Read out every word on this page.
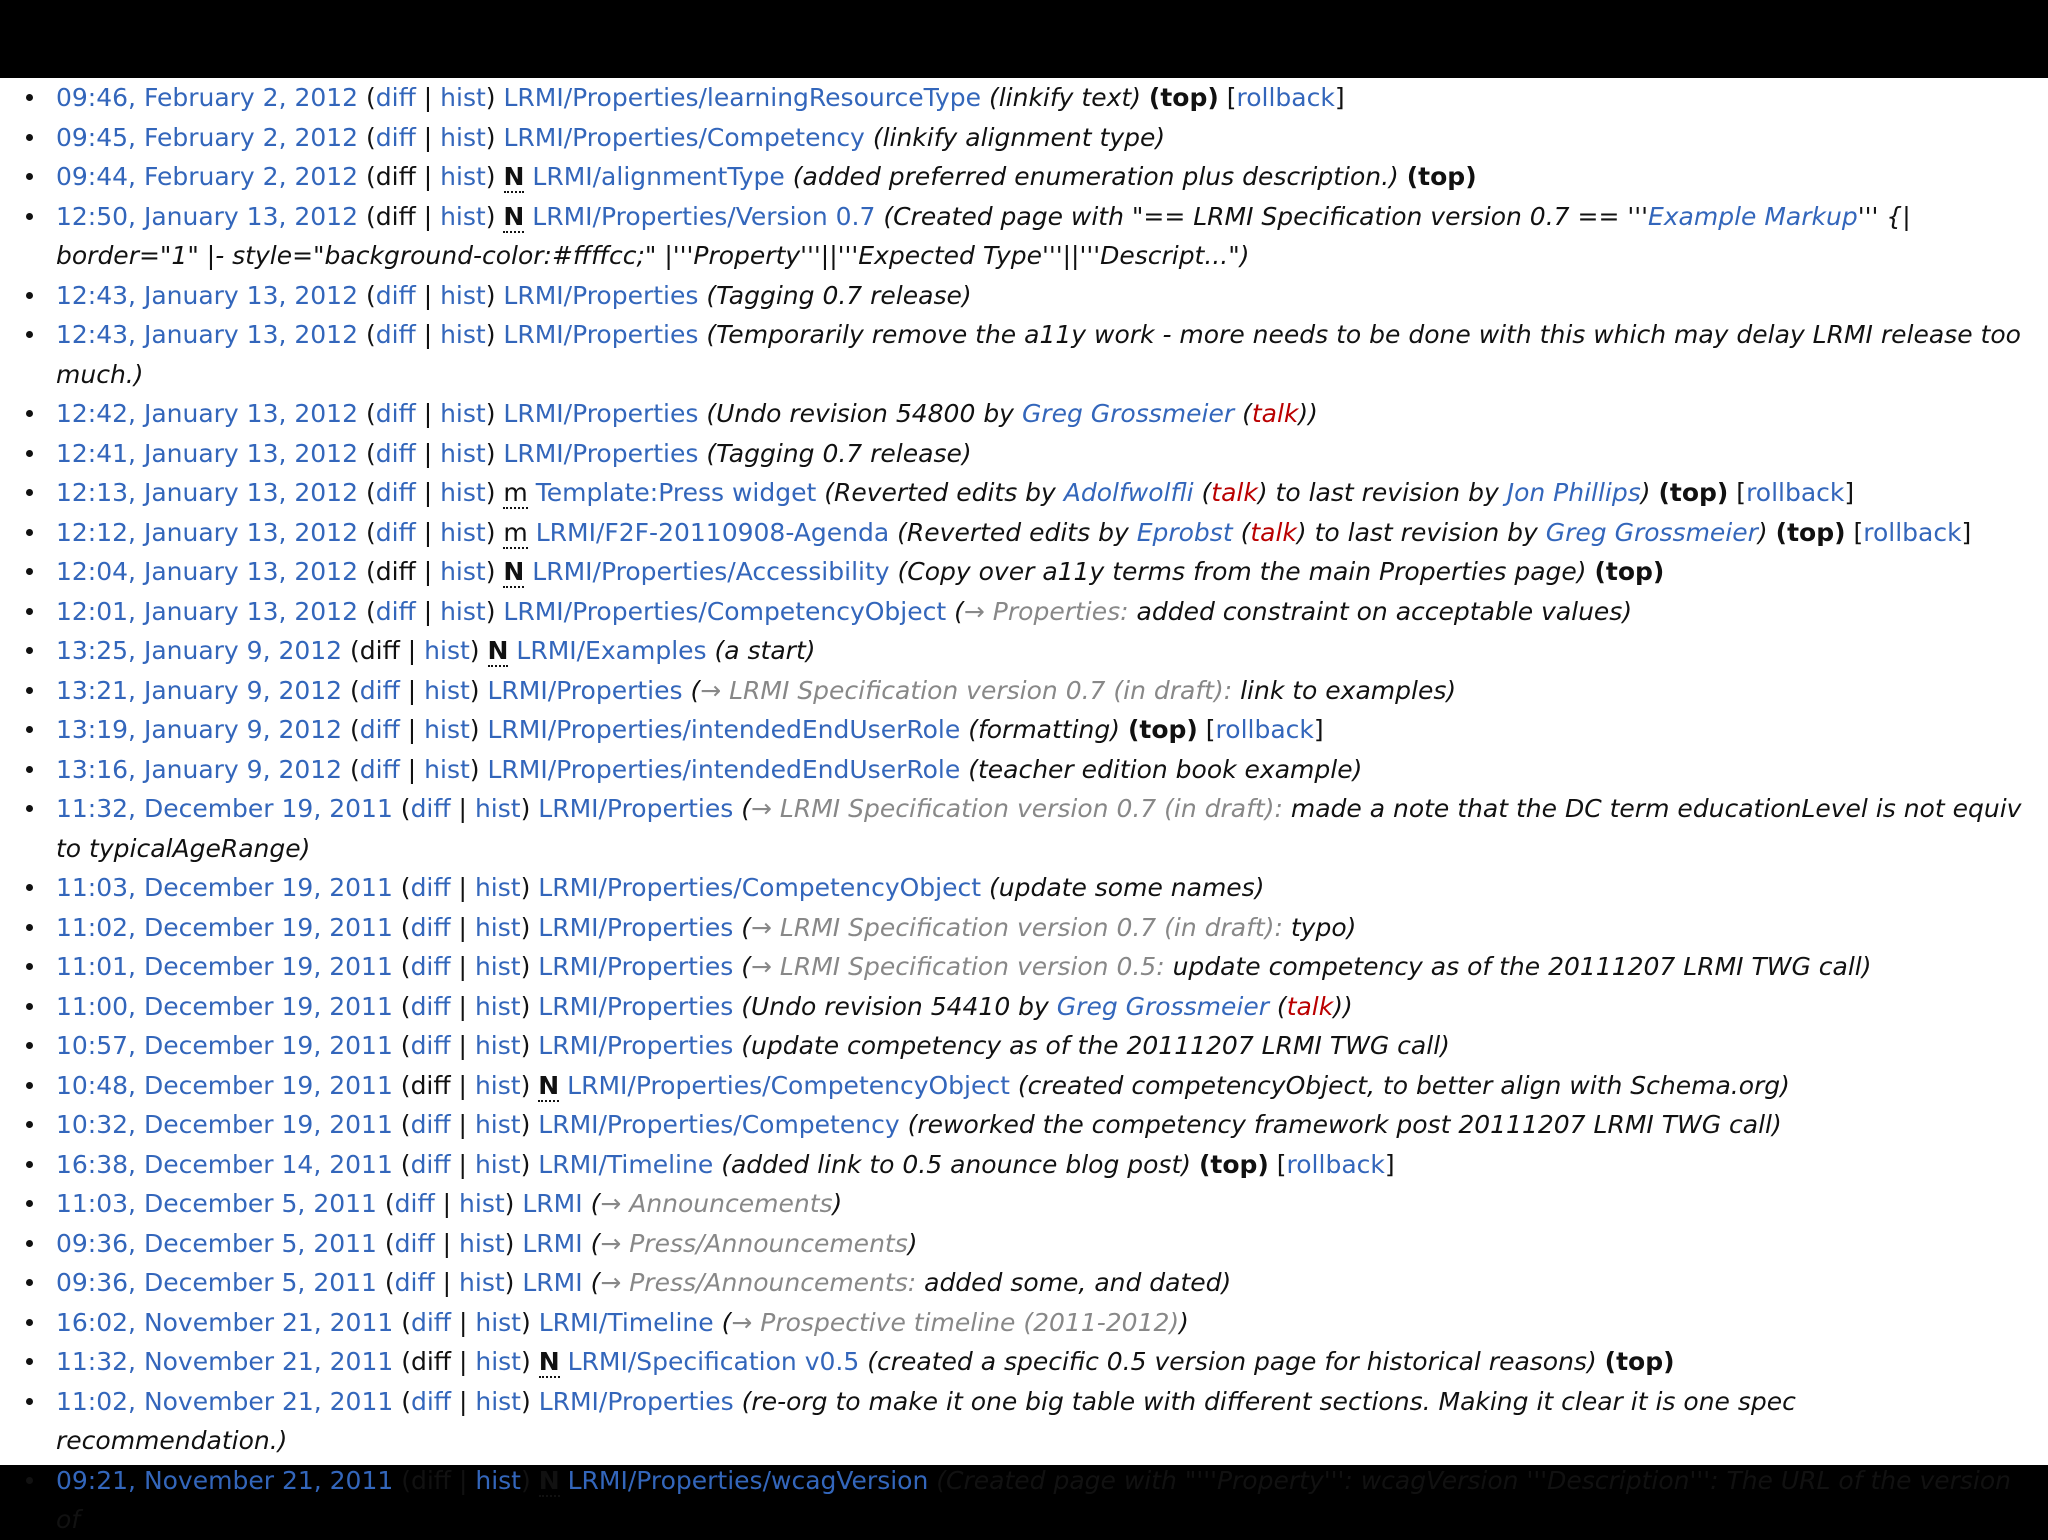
09:46, February 2, 2012 (diff | hist) LRMI/Properties/learningResourceType (linkify text) (top) [rollback]
09:45, February 2, 2012 (diff | hist) LRMI/Properties/Competency (linkify alignment type)
09:44, February 2, 2012 (diff | hist) N LRMI/alignmentType (added preferred enumeration plus description.) (top)
12:50, January 13, 2012 (diff | hist) N LRMI/Properties/Version 0.7 (Created page with "== LRMI Specification version 0.7 == '''Example Markup''' {| border="1" |- style="background-color:#ffffcc;" |'''Property'''||'''Expected Type'''||'''Descript...")
12:43, January 13, 2012 (diff | hist) LRMI/Properties (Tagging 0.7 release)
12:43, January 13, 2012 (diff | hist) LRMI/Properties (Temporarily remove the a11y work - more needs to be done with this which may delay LRMI release too much.)
12:42, January 13, 2012 (diff | hist) LRMI/Properties (Undo revision 54800 by Greg Grossmeier (talk))
12:41, January 13, 2012 (diff | hist) LRMI/Properties (Tagging 0.7 release)
12:13, January 13, 2012 (diff | hist) m Template:Press widget (Reverted edits by Adolfwolfli (talk) to last revision by Jon Phillips) (top) [rollback]
12:12, January 13, 2012 (diff | hist) m LRMI/F2F-20110908-Agenda (Reverted edits by Eprobst (talk) to last revision by Greg Grossmeier) (top) [rollback]
12:04, January 13, 2012 (diff | hist) N LRMI/Properties/Accessibility (Copy over a11y terms from the main Properties page) (top)
12:01, January 13, 2012 (diff | hist) LRMI/Properties/CompetencyObject (→ Properties: added constraint on acceptable values)
13:25, January 9, 2012 (diff | hist) N LRMI/Examples (a start)
13:21, January 9, 2012 (diff | hist) LRMI/Properties (→ LRMI Specification version 0.7 (in draft): link to examples)
13:19, January 9, 2012 (diff | hist) LRMI/Properties/intendedEndUserRole (formatting) (top) [rollback]
13:16, January 9, 2012 (diff | hist) LRMI/Properties/intendedEndUserRole (teacher edition book example)
11:32, December 19, 2011 (diff | hist) LRMI/Properties (→ LRMI Specification version 0.7 (in draft): made a note that the DC term educationLevel is not equiv to typicalAgeRange)
11:03, December 19, 2011 (diff | hist) LRMI/Properties/CompetencyObject (update some names)
11:02, December 19, 2011 (diff | hist) LRMI/Properties (→ LRMI Specification version 0.7 (in draft): typo)
11:01, December 19, 2011 (diff | hist) LRMI/Properties (→ LRMI Specification version 0.5: update competency as of the 20111207 LRMI TWG call)
11:00, December 19, 2011 (diff | hist) LRMI/Properties (Undo revision 54410 by Greg Grossmeier (talk))
10:57, December 19, 2011 (diff | hist) LRMI/Properties (update competency as of the 20111207 LRMI TWG call)
10:48, December 19, 2011 (diff | hist) N LRMI/Properties/CompetencyObject (created competencyObject, to better align with Schema.org)
10:32, December 19, 2011 (diff | hist) LRMI/Properties/Competency (reworked the competency framework post 20111207 LRMI TWG call)
16:38, December 14, 2011 (diff | hist) LRMI/Timeline (added link to 0.5 anounce blog post) (top) [rollback]
11:03, December 5, 2011 (diff | hist) LRMI (→ Announcements)
09:36, December 5, 2011 (diff | hist) LRMI (→ Press/Announcements)
09:36, December 5, 2011 (diff | hist) LRMI (→ Press/Announcements: added some, and dated)
16:02, November 21, 2011 (diff | hist) LRMI/Timeline (→ Prospective timeline (2011-2012))
11:32, November 21, 2011 (diff | hist) N LRMI/Specification v0.5 (created a specific 0.5 version page for historical reasons) (top)
11:02, November 21, 2011 (diff | hist) LRMI/Properties (re-org to make it one big table with different sections. Making it clear it is one spec recommendation.)
09:21, November 21, 2011 (diff | hist) N LRMI/Properties/wcagVersion (Created page with "'''Property''': wcagVersion '''Description''': The URL of the version of
